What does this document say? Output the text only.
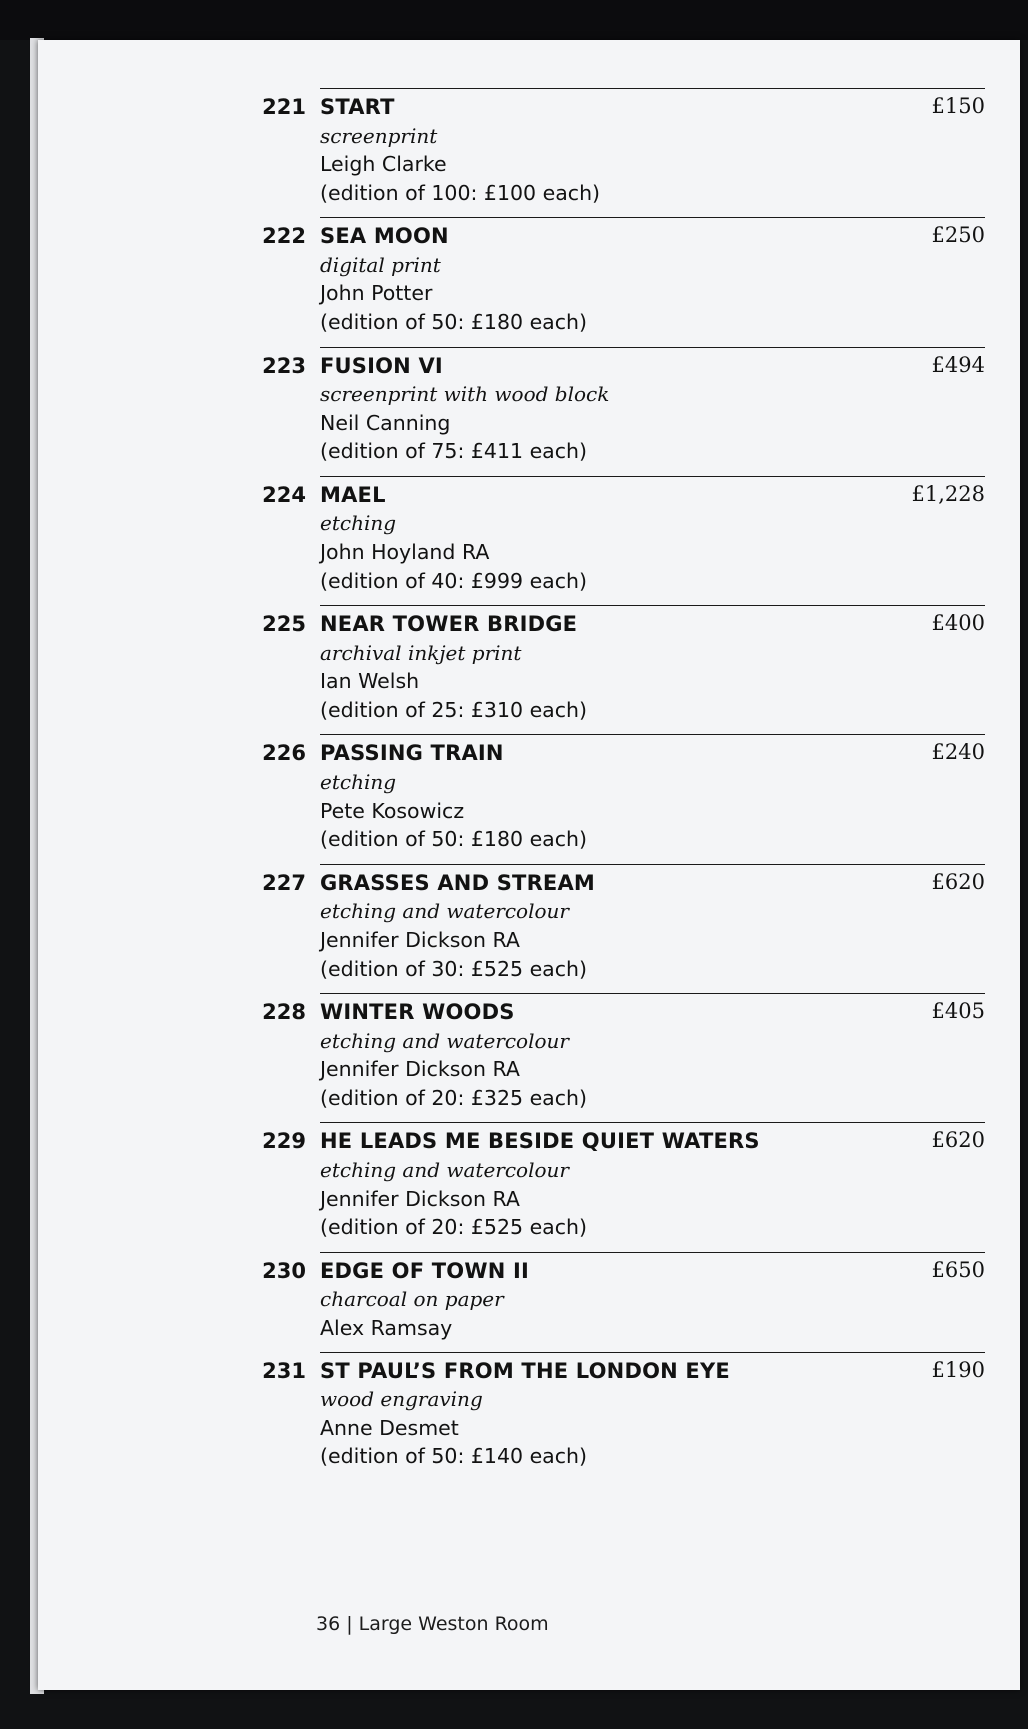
221 START
screenprint
Leigh Clarke
(edition of 100: £100 each)
£150
222 SEA MOON
digital print
John Potter
(edition of 50: £180 each)
£250
223 FUSION VI
screenprint with wood block
Neil Canning
(edition of 75: £411 each)
£494
224 MAEL
etching
John Hoyland RA
(edition of 40: £999 each)
£1,228
225 NEAR TOWER BRIDGE
archival inkjet print
Ian Welsh
(edition of 25: £310 each)
£400
226 PASSING TRAIN
etching
Pete Kosowicz
(edition of 50: £180 each)
£240
227 GRASSES AND STREAM
etching and watercolour
Jennifer Dickson RA
(edition of 30: £525 each)
£620
228 WINTER WOODS
etching and watercolour
Jennifer Dickson RA
(edition of 20: £325 each)
£405
229 HE LEADS ME BESIDE QUIET WATERS
etching and watercolour
Jennifer Dickson RA
(edition of 20: £525 each)
£620
230 EDGE OF TOWN II
charcoal on paper
Alex Ramsay
£650
231 ST PAUL’S FROM THE LONDON EYE
wood engraving
Anne Desmet
(edition of 50: £140 each)
£190
36 | Large Weston Room
